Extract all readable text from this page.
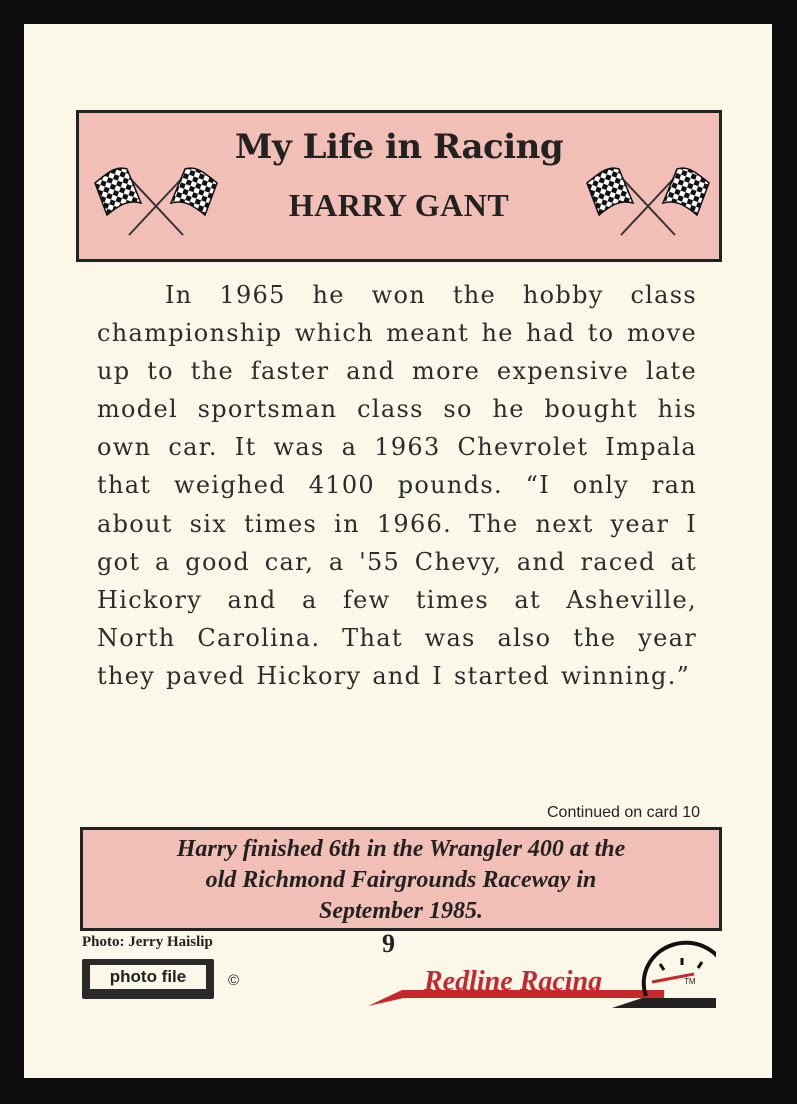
My Life in Racing
HARRY GANT
In 1965 he won the hobby class championship which meant he had to move up to the faster and more expensive late model sportsman class so he bought his own car. It was a 1963 Chevrolet Impala that weighed 4100 pounds. “I only ran about six times in 1966. The next year I got a good car, a '55 Chevy, and raced at Hickory and a few times at Asheville, North Carolina. That was also the year they paved Hickory and I started winning.”
Continued on card 10
Harry finished 6th in the Wrangler 400 at the
old Richmond Fairgrounds Raceway in
September 1985.
Photo: Jerry Haislip
photo file	©
9
TM
Redline Racing
